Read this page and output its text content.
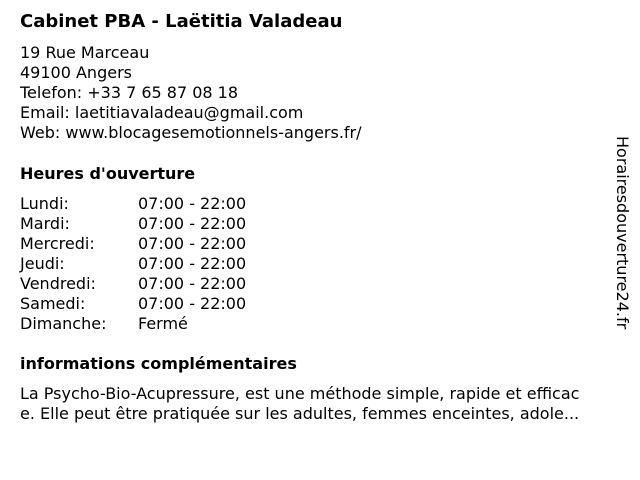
Cabinet PBA - Laëtitia Valadeau
19 Rue Marceau
49100 Angers
Telefon: +33 7 65 87 08 18
Email: laetitiavaladeau@gmail.com
Web: www.blocagesemotionnels-angers.fr/
Heures d'ouverture
Lundi:	07:00 - 22:00
Mardi:	07:00 - 22:00
Mercredi:	07:00 - 22:00
Jeudi:	07:00 - 22:00
Vendredi:	07:00 - 22:00
Samedi:	07:00 - 22:00
Dimanche:	Fermé
informations complémentaires
La Psycho-Bio-Acupressure, est une méthode simple, rapide et efficac
e. Elle peut être pratiquée sur les adultes, femmes enceintes, adole...
Horairesdouverture24.fr
